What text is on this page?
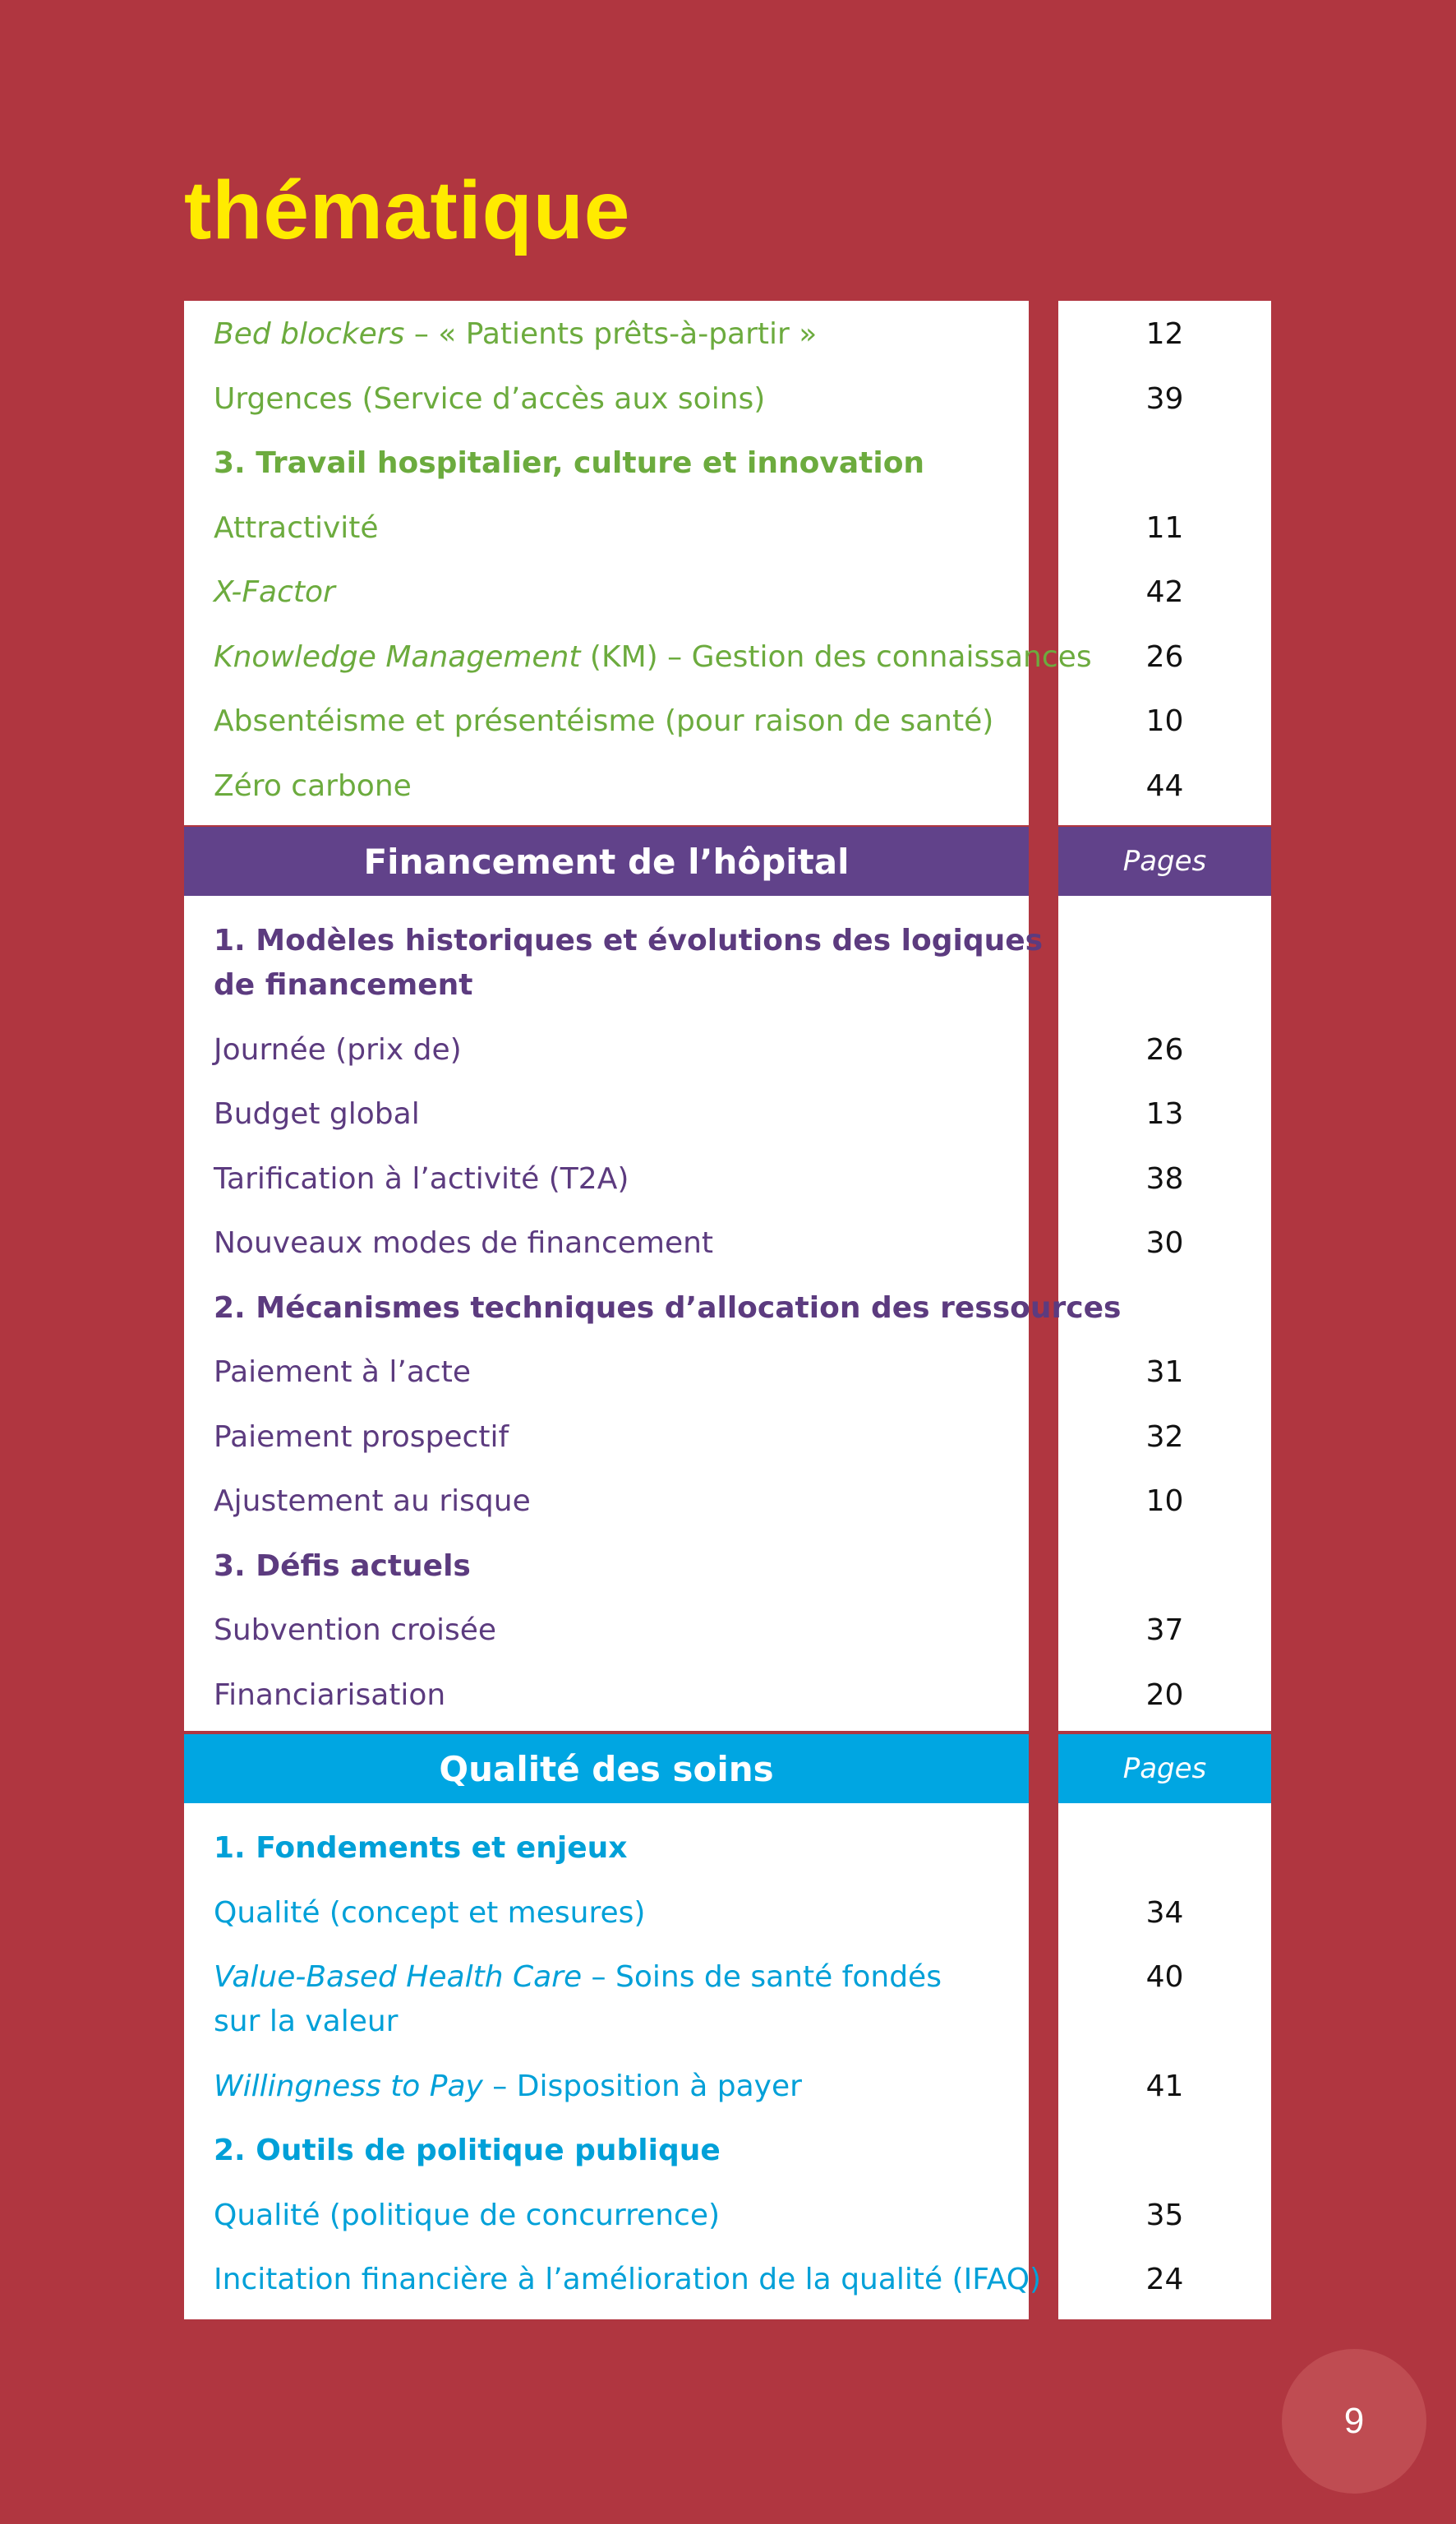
thématique
Bed blockers – « Patients prêts-à-partir »	12
Urgences (Service d’accès aux soins)	39
3. Travail hospitalier, culture et innovation
Attractivité	11
X-Factor	42
Knowledge Management (KM) – Gestion des connaissances	26
Absentéisme et présentéisme (pour raison de santé)	10
Zéro carbone	44
Financement de l’hôpital	Pages
1. Modèles historiques et évolutions des logiques
de financement
Journée (prix de)	26
Budget global	13
Tarification à l’activité (T2A)	38
Nouveaux modes de financement	30
2. Mécanismes techniques d’allocation des ressources
Paiement à l’acte	31
Paiement prospectif	32
Ajustement au risque	10
3. Défis actuels
Subvention croisée	37
Financiarisation	20
Qualité des soins	Pages
1. Fondements et enjeux
Qualité (concept et mesures)	34
Value-Based Health Care – Soins de santé fondés	40
sur la valeur
Willingness to Pay – Disposition à payer	41
2. Outils de politique publique
Qualité (politique de concurrence)	35
Incitation financière à l’amélioration de la qualité (IFAQ)	24
9
